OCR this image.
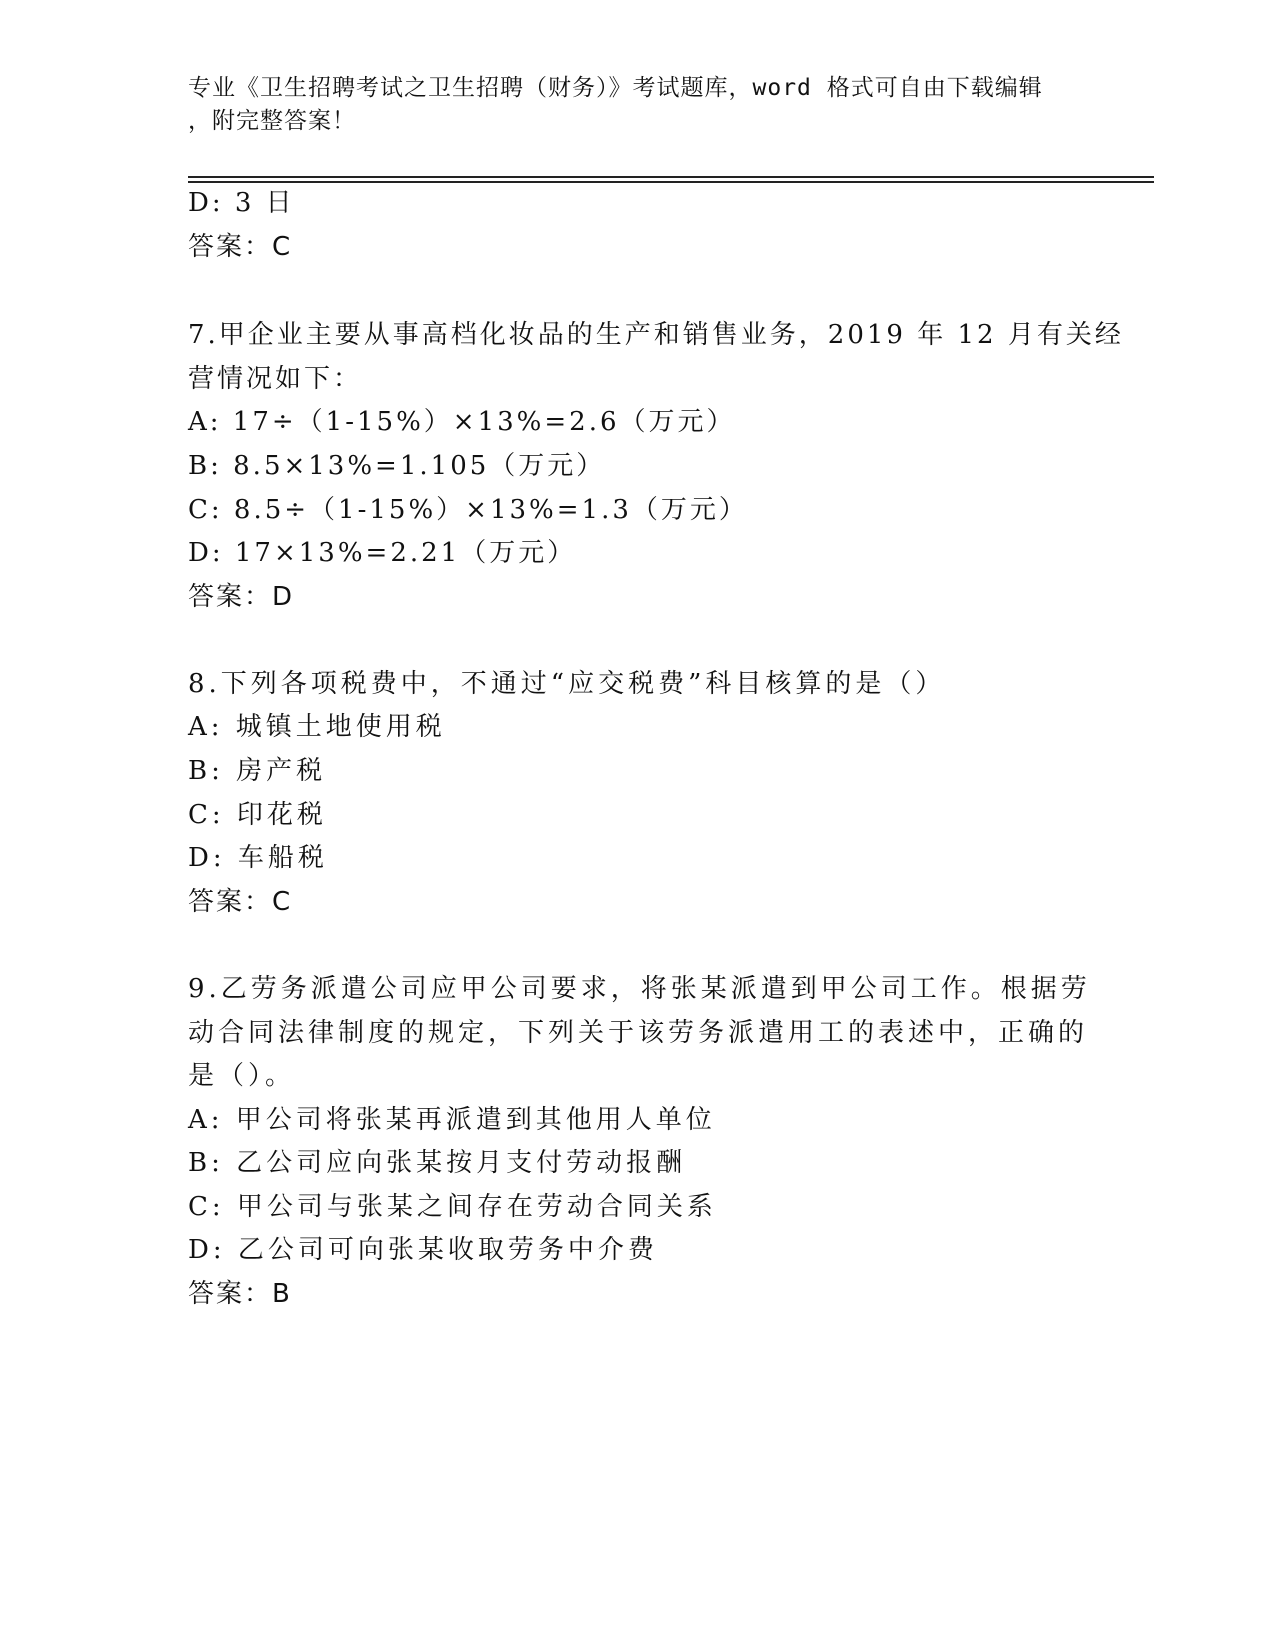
专业《卫生招聘考试之卫生招聘（财务）》考试题库，word 格式可自由下载编辑
，附完整答案！
D: 3 日
答案：C
7.甲企业主要从事高档化妆品的生产和销售业务，2019 年 12 月有关经
营情况如下：
A: 17÷（1-15%）×13%=2.6（万元）
B: 8.5×13%=1.105（万元）
C: 8.5÷（1-15%）×13%=1.3（万元）
D: 17×13%=2.21（万元）
答案：D
8.下列各项税费中，不通过“应交税费”科目核算的是（）
A: 城镇土地使用税
B: 房产税
C: 印花税
D: 车船税
答案：C
9.乙劳务派遣公司应甲公司要求，将张某派遣到甲公司工作。根据劳
动合同法律制度的规定，下列关于该劳务派遣用工的表述中，正确的
是（）。
A: 甲公司将张某再派遣到其他用人单位
B: 乙公司应向张某按月支付劳动报酬
C: 甲公司与张某之间存在劳动合同关系
D: 乙公司可向张某收取劳务中介费
答案：B
